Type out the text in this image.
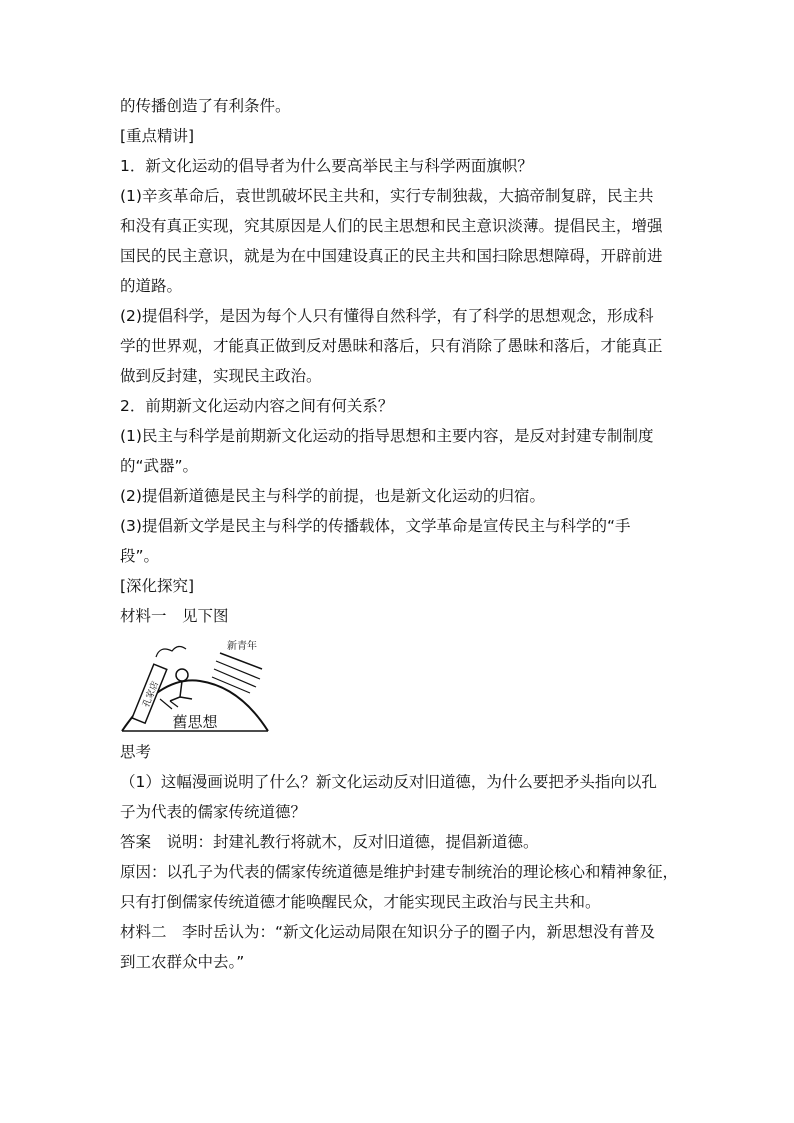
的传播创造了有利条件。

[重点精讲]

1．新文化运动的倡导者为什么要高举民主与科学两面旗帜？

(1)辛亥革命后，袁世凯破坏民主共和，实行专制独裁，大搞帝制复辟，民主共

和没有真正实现，究其原因是人们的民主思想和民主意识淡薄。提倡民主，增强

国民的民主意识，就是为在中国建设真正的民主共和国扫除思想障碍，开辟前进

的道路。

(2)提倡科学，是因为每个人只有懂得自然科学，有了科学的思想观念，形成科

学的世界观，才能真正做到反对愚昧和落后，只有消除了愚昧和落后，才能真正

做到反封建，实现民主政治。

2．前期新文化运动内容之间有何关系？

(1)民主与科学是前期新文化运动的指导思想和主要内容，是反对封建专制制度

的“武器”。

(2)提倡新道德是民主与科学的前提，也是新文化运动的归宿。

(3)提倡新文学是民主与科学的传播载体，文学革命是宣传民主与科学的“手

段”。

[深化探究]

材料一　见下图

孔家店
新青年
舊思想

思考

（1）这幅漫画说明了什么？新文化运动反对旧道德，为什么要把矛头指向以孔

子为代表的儒家传统道德？

答案　说明：封建礼教行将就木，反对旧道德，提倡新道德。

原因：以孔子为代表的儒家传统道德是维护封建专制统治的理论核心和精神象征，

只有打倒儒家传统道德才能唤醒民众，才能实现民主政治与民主共和。

材料二　李时岳认为：“新文化运动局限在知识分子的圈子内，新思想没有普及

到工农群众中去。”
